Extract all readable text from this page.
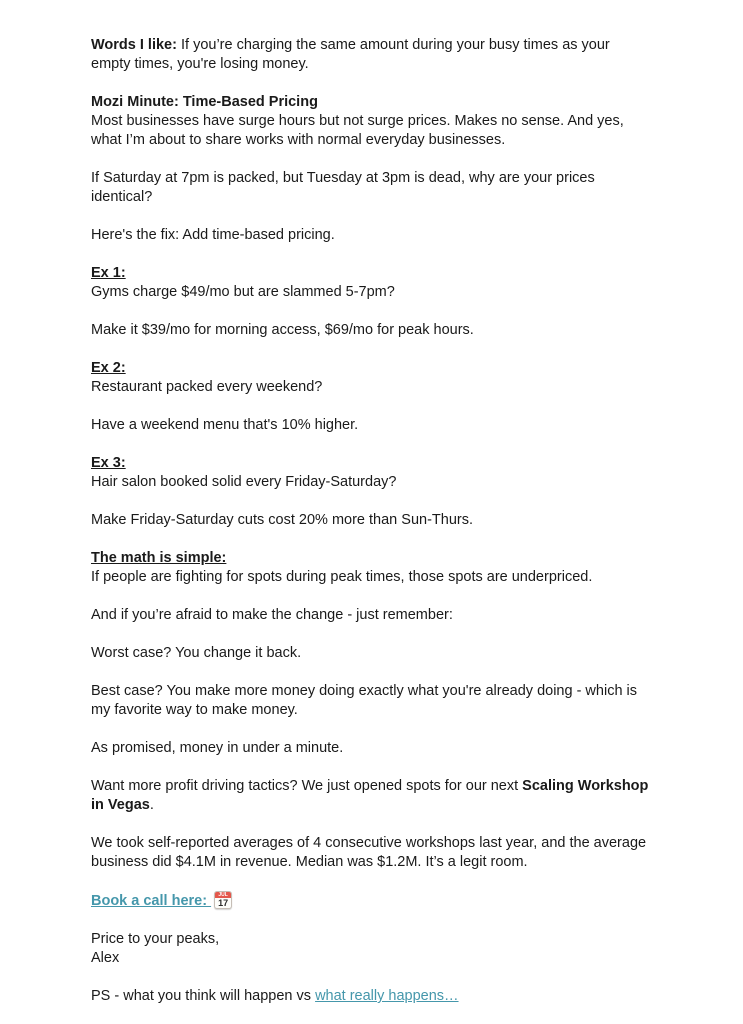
Words I like: If you’re charging the same amount during your busy times as your empty times, you're losing money.

Mozi Minute: Time-Based Pricing
Most businesses have surge hours but not surge prices. Makes no sense. And yes, what I’m about to share works with normal everyday businesses.

If Saturday at 7pm is packed, but Tuesday at 3pm is dead, why are your prices identical?

Here's the fix: Add time-based pricing.

Ex 1:
Gyms charge $49/mo but are slammed 5-7pm?

Make it $39/mo for morning access, $69/mo for peak hours.

Ex 2:
Restaurant packed every weekend?

Have a weekend menu that's 10% higher.

Ex 3:
Hair salon booked solid every Friday-Saturday?

Make Friday-Saturday cuts cost 20% more than Sun-Thurs.

The math is simple:
If people are fighting for spots during peak times, those spots are underpriced.

And if you’re afraid to make the change - just remember:

Worst case? You change it back.

Best case? You make more money doing exactly what you're already doing - which is my favorite way to make money.

As promised, money in under a minute.

Want more profit driving tactics? We just opened spots for our next Scaling Workshop in Vegas.

We took self-reported averages of 4 consecutive workshops last year, and the average business did $4.1M in revenue. Median was $1.2M. It’s a legit room.

Book a call here:	JUL
17

Price to your peaks,
Alex

PS - what you think will happen vs what really happens…
